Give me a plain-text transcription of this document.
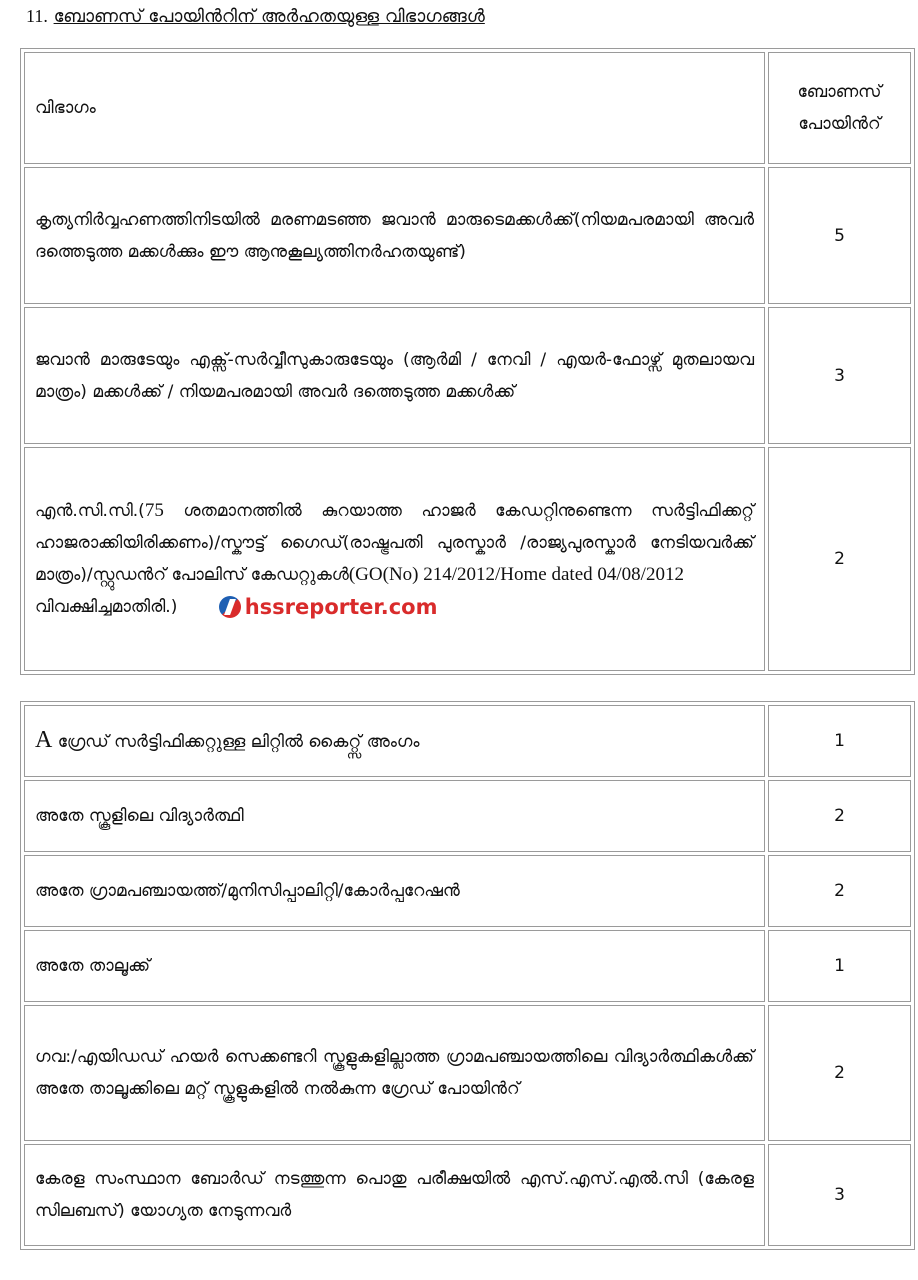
11. ബോണസ് പോയിൻറിന് അർഹതയുള്ള വിഭാഗങ്ങൾ
വിഭാഗം	ബോണസ്
പോയിൻറ്

കൃത്യനിർവ്വഹണത്തിനിടയിൽ മരണമടഞ്ഞ ജവാൻ മാരുടെമക്കൾക്ക്(നിയമപരമായി അവർ ദത്തെടുത്ത മക്കൾക്കും ഈ ആനുകൂല്യത്തിനർഹതയുണ്ട്)	5
ജവാൻ മാരുടേയും എക്സ്-സർവ്വീസുകാരുടേയും (ആർമി / നേവി / എയർ-ഫോഴ്സ് മുതലായവ മാത്രം) മക്കൾക്ക് / നിയമപരമായി അവർ ദത്തെടുത്ത മക്കൾക്ക്	3
എൻ.സി.സി.(75 ശതമാനത്തിൽ കുറയാത്ത ഹാജർ കേഡറ്റിനുണ്ടെന്ന സർട്ടിഫിക്കറ്റ് ഹാജരാക്കിയിരിക്കണം)/സ്കൗട്ട് ഗൈഡ്(രാഷ്ട്രപതി പുരസ്കാർ /രാജ്യപുരസ്കാർ നേടിയവർക്ക് മാത്രം)/സ്റ്റുഡൻറ് പോലിസ് കേഡറ്റുകൾ(GO(No) 214/2012/Home dated 04/08/2012
വിവക്ഷിച്ചമാതിരി.) hssreporter.com	2
A ഗ്രേഡ് സർട്ടിഫിക്കറ്റുള്ള ലിറ്റിൽ കൈറ്റ്സ് അംഗം	1
അതേ സ്കൂളിലെ വിദ്യാർത്ഥി	2
അതേ ഗ്രാമപഞ്ചായത്ത്/മുനിസിപ്പാലിറ്റി/കോർപ്പറേഷൻ	2
അതേ താലൂക്ക്	1
ഗവ:/എയിഡഡ് ഹയർ സെക്കണ്ടറി സ്കൂളുകളില്ലാത്ത ഗ്രാമപഞ്ചായത്തിലെ വിദ്യാർത്ഥികൾക്ക് അതേ താലൂക്കിലെ മറ്റ് സ്കൂളുകളിൽ നൽകുന്ന ഗ്രേഡ് പോയിൻറ്	2
കേരള സംസ്ഥാന ബോർഡ് നടത്തുന്ന പൊതു പരീക്ഷയിൽ എസ്.എസ്.എൽ.സി (കേരള സിലബസ്) യോഗ്യത നേടുന്നവർ	3
